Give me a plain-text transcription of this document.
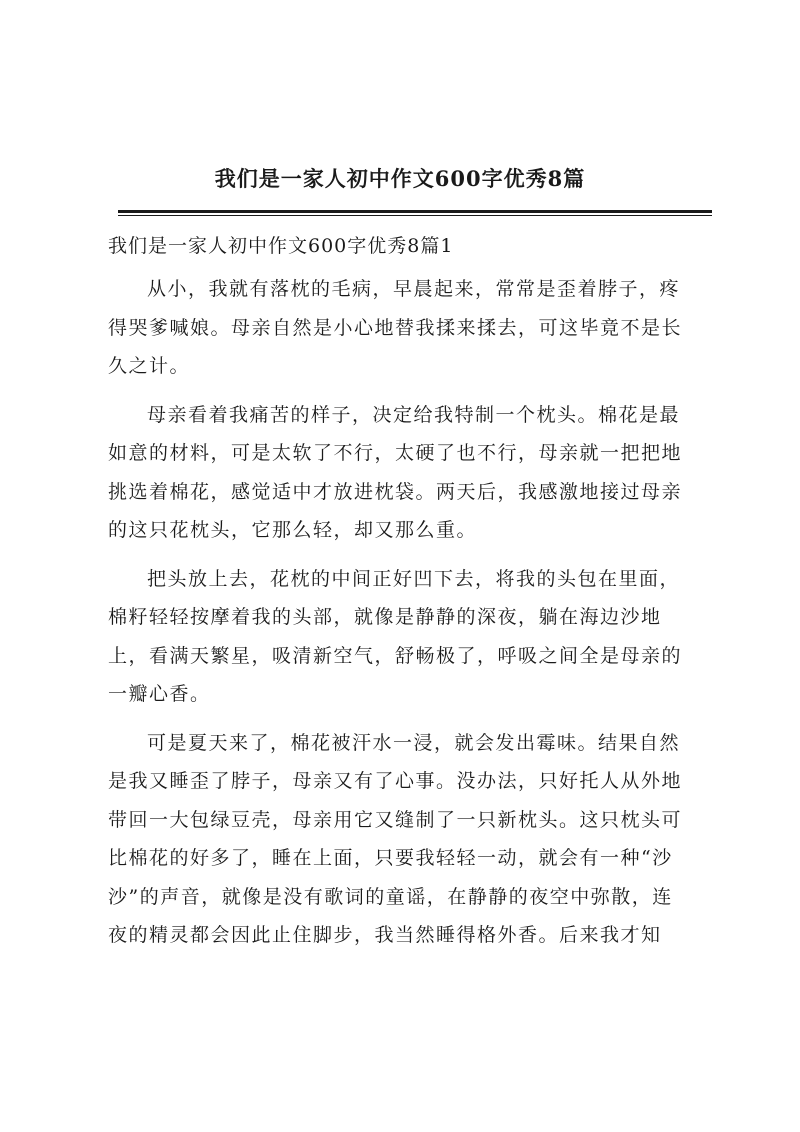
我们是一家人初中作文600字优秀8篇
我们是一家人初中作文600字优秀8篇1

从小，我就有落枕的毛病，早晨起来，常常是歪着脖子，疼
得哭爹喊娘。母亲自然是小心地替我揉来揉去，可这毕竟不是长
久之计。

母亲看着我痛苦的样子，决定给我特制一个枕头。棉花是最
如意的材料，可是太软了不行，太硬了也不行，母亲就一把把地
挑选着棉花，感觉适中才放进枕袋。两天后，我感激地接过母亲
的这只花枕头，它那么轻，却又那么重。

把头放上去，花枕的中间正好凹下去，将我的头包在里面，
棉籽轻轻按摩着我的头部，就像是静静的深夜，躺在海边沙地
上，看满天繁星，吸清新空气，舒畅极了，呼吸之间全是母亲的
一瓣心香。

可是夏天来了，棉花被汗水一浸，就会发出霉味。结果自然
是我又睡歪了脖子，母亲又有了心事。没办法，只好托人从外地
带回一大包绿豆壳，母亲用它又缝制了一只新枕头。这只枕头可
比棉花的好多了，睡在上面，只要我轻轻一动，就会有一种“沙
沙”的声音，就像是没有歌词的童谣，在静静的夜空中弥散，连
夜的精灵都会因此止住脚步，我当然睡得格外香。后来我才知
